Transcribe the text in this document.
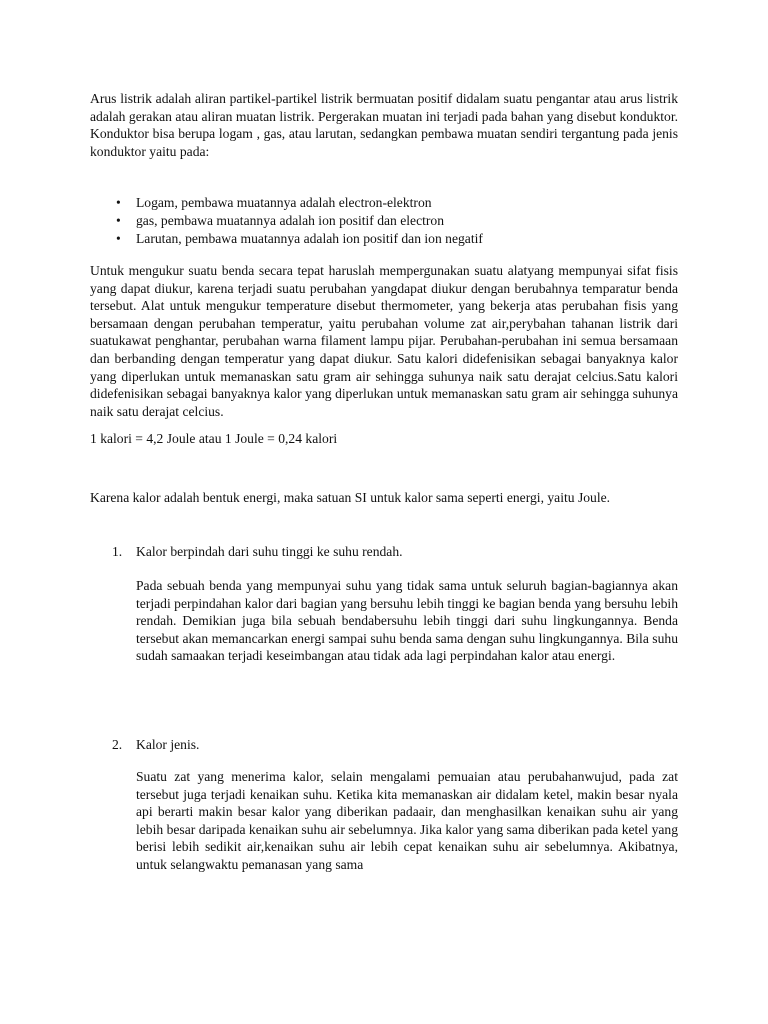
Arus listrik adalah aliran partikel-partikel listrik bermuatan positif didalam suatu pengantar atau arus listrik adalah gerakan atau aliran muatan listrik. Pergerakan muatan ini terjadi pada bahan yang disebut konduktor. Konduktor bisa berupa logam , gas, atau larutan, sedangkan pembawa muatan sendiri tergantung pada jenis konduktor yaitu pada:

• Logam, pembawa muatannya adalah electron-elektron
• gas, pembawa muatannya adalah ion positif dan electron
• Larutan, pembawa muatannya adalah ion positif dan ion negatif

Untuk mengukur suatu benda secara tepat haruslah mempergunakan suatu alatyang mempunyai sifat fisis yang dapat diukur, karena terjadi suatu perubahan yangdapat diukur dengan berubahnya temparatur benda tersebut. Alat untuk mengukur temperature disebut thermometer, yang bekerja atas perubahan fisis yang bersamaan dengan perubahan temperatur, yaitu perubahan volume zat air,perybahan tahanan listrik dari suatukawat penghantar, perubahan warna filament lampu pijar. Perubahan-perubahan ini semua bersamaan dan berbanding dengan temperatur yang dapat diukur. Satu kalori didefenisikan sebagai banyaknya kalor yang diperlukan untuk memanaskan satu gram air sehingga suhunya naik satu derajat celcius.Satu kalori didefenisikan sebagai banyaknya kalor yang diperlukan untuk memanaskan satu gram air sehingga suhunya naik satu derajat celcius.

1 kalori = 4,2 Joule atau 1 Joule = 0,24 kalori

Karena kalor adalah bentuk energi, maka satuan SI untuk kalor sama seperti energi, yaitu Joule.

1. Kalor berpindah dari suhu tinggi ke suhu rendah.

Pada sebuah benda yang mempunyai suhu yang tidak sama untuk seluruh bagian-bagiannya akan terjadi perpindahan kalor dari bagian yang bersuhu lebih tinggi ke bagian benda yang bersuhu lebih rendah. Demikian juga bila sebuah bendabersuhu lebih tinggi dari suhu lingkungannya. Benda tersebut akan memancarkan energi sampai suhu benda sama dengan suhu lingkungannya. Bila suhu sudah samaakan terjadi keseimbangan atau tidak ada lagi perpindahan kalor atau energi.

2. Kalor jenis.

Suatu zat yang menerima kalor, selain mengalami pemuaian atau perubahanwujud, pada zat tersebut juga terjadi kenaikan suhu. Ketika kita memanaskan air didalam ketel, makin besar nyala api berarti makin besar kalor yang diberikan padaair, dan menghasilkan kenaikan suhu air yang lebih besar daripada kenaikan suhu air sebelumnya. Jika kalor yang sama diberikan pada ketel yang berisi lebih sedikit air,kenaikan suhu air lebih cepat kenaikan suhu air sebelumnya. Akibatnya, untuk selangwaktu pemanasan yang sama
